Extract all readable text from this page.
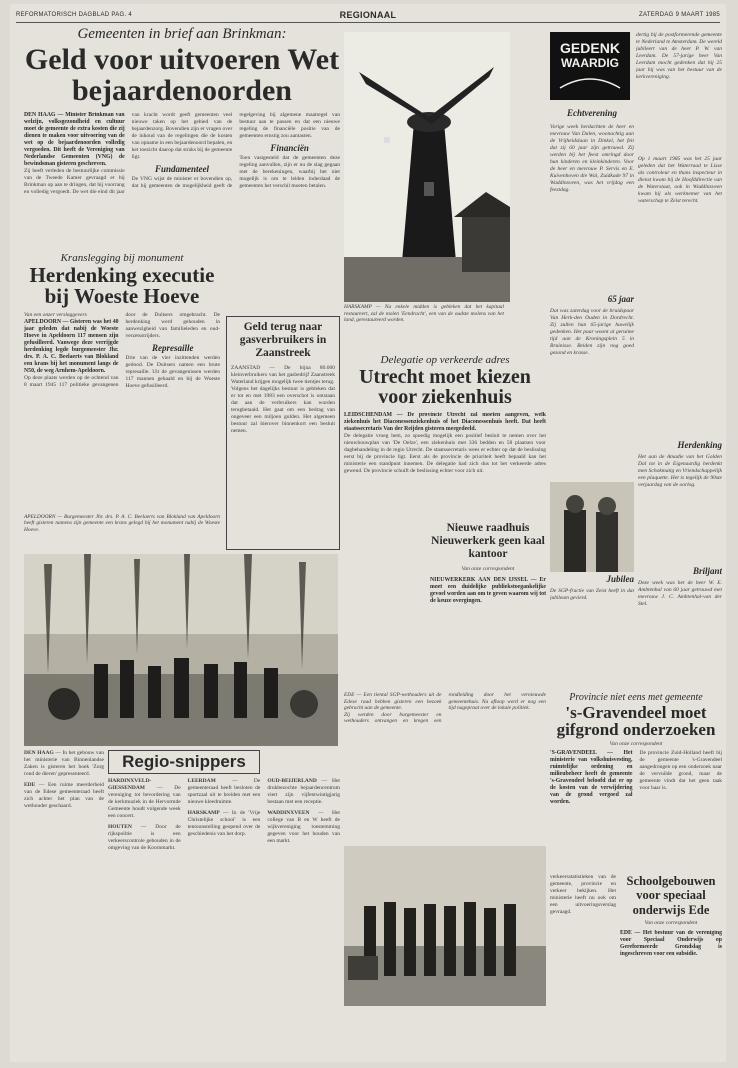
REFORMATORISCH DAGBLAD PAG. 4	REGIONAAL	ZATERDAG 9 MAART 1985
Gemeenten in brief aan Brinkman:
Geld voor uitvoeren Wet bejaardenoorden
DEN HAAG — Minister Brinkman van welzijn, volksgezondheid en cultuur moet de gemeente de extra kosten die zij dienen te maken voor uitvoering van de wet op de bejaardenoorden volledig vergoeden. Dit heeft de Vereniging van Nederlandse Gemeenten (VNG) de bewindsman gisteren geschreven.
Zij heeft verleden de bestuurlijke commissie van de Tweede Kamer gevraagd er bij Brinkman op aan te dringen, dat hij voorrang en volledig vergoedt. De wet die eind dit jaar van kracht wordt geeft gemeenten veel nieuwe taken op het gebied van de bejaardenzorg. Bovendien zijn er vragen over de inhoud van de regelingen die de kosten van opname in een bejaardenoord bepalen, en het toezicht daarop dat straks bij de gemeente ligt.
Fundamenteel
De VNG wijst de minister er bovendien op, dat hij gemeenten de mogelijkheid geeft de regelgeving bij algemene maatregel van bestuur aan te passen en dat een nieuwe regeling de financiële positie van de gemeenten ernstig zou aantasten.
Financiën
Toen vastgesteld dat de gemeenten deze regeling aanvullen, zijn er nu de slag gegaan met de berekeningen, waarbij het niet mogelijk is om te leiden inderdaad de gemeenten het verschil moeten betalen.
HARSKAMP — Na enkele midden is gebleken dat het kapitaal restaureert, zal de molen 'Eendracht', een van de oudste molens van het land, gerestaureerd worden.
Kranslegging bij monument
Herdenking executie bij Woeste Hoeve
Van een onzer verslaggevers
APELDOORN — Gisteren was het 40 jaar geleden dat nabij de Woeste Hoeve in Apeldoorn 117 mensen zijn gefusilleerd. Vanwege deze verrijgde herdenking legde burgemeester Jhr. drs. P. A. C. Beelaerts van Blokland een krans bij het monument langs de N50, de weg Arnhem-Apeldoorn.
Op deze plaats werden op de ochtend van 8 maart 1945 117 politieke gevangenen door de Duitsers omgebracht. De herdenking werd gehouden in aanwezigheid van familieleden en oud-verzetsstrijders.
Represaille
Drie van de vier inzittenden werden gedood. De Duitsers namen een brute represaille. Uit de gevangenissen werden 117 mannen gehaald en bij de Woeste Hoeve gefusilleerd.
APELDOORN — Burgemeester Jhr. drs. P. A. C. Beelaerts van Blokland van Apeldoorn heeft gisteren namens zijn gemeente een krans gelegd bij het monument nabij de Woeste Hoeve.
Geld terug naar gasverbruikers in Zaanstreek
ZAANSTAD — De bijna 80.000 kleinverbruikers van het gasbedrijf Zaanstreek Waterland krijgen mogelijk twee tientjes terug.
Volgens het dagelijks bestuur is gebleken dat er tot en met 1983 een overschot is ontstaan dat aan de verbruikers kan worden terugbetaald. Het gaat om een bedrag van ongeveer een miljoen gulden. Het algemeen bestuur zal hierover binnenkort een besluit nemen.
Delegatie op verkeerde adres
Utrecht moet kiezen voor ziekenhuis
LEIDSCHENDAM — De provincie Utrecht zal moeten aangeven, welk ziekenhuis het Diaconessenziekenhuis of het Diaconessenhuis heeft. Dat heeft staatssecretaris Van der Reijden gisteren meegedeeld.
De delegatie vroeg hem, zo spoedig mogelijk een positief besluit te nemen over het nieuwbouwplan van 'De Oelze', een ziekenhuis met 336 bedden en 58 plaatsen voor dagbehandeling in de regio Utrecht. De staatssecretaris wees er echter op dat de beslissing eerst bij de provincie ligt. Eerst als de provincie de prioriteit heeft bepaald kan het ministerie een standpunt innemen. De delegatie had zich dus tot het verkeerde adres gewend. De provincie schuift de beslissing echter voor zich uit.
Nieuwe raadhuis Nieuwerkerk geen kaal kantoor
Van onze correspondent
NIEUWERKERK AAN DEN IJSSEL — Er moet een duidelijke publiekstoegankelijke gevoel worden aan om te geven waarom wij tot de keuze overgingen.
GEDENK
WAARDIG
dertig bij de postformerende gemeente te Nederland te Amsterdam. De wereld jubileert van de heer P. W. van Leerdam. De 57-jarige heer Van Leerdam mocht gedenken dat hij 25 jaar bij was van het bestuur van de kerkvereniging.
Echtverening
Vorige week herdachten de heer en mevrouw Van Dalen, woonachtig aan de Vrijheidslaan in Dinkel, het feit dat zij 60 jaar zijn getrouwd. Zij werden bij het feest omringd door hun kinderen en kleinkinderen. Voor de heer en mevrouw P. Servis en E. Kuivenhoven die Wal, Zuidkade 97 in Waddinxveen, was het vrijdag een feestdag.
65 jaar
Dat was zaterdag voor de bruidspaar Van Herk-den Ouden in Dordrecht. Zij zullen hun 65-jarige huwelijk gedenken. Het paar woont al geruime tijd aan de Kroningsplein 5 in Bruinisse. Beiden zijn nog goed gezond en krasse.
Op 1 maart 1985 was het 25 jaar geleden dat het Waterraad te Lisse als controleur en thans inspecteur in dienst kwam bij de Hoofddirectie van de Waterstaat, ook in Waddinxveen kwam hij als werknemer van het waterschap te Zeist terecht.
Herdenking
Het aan de Amadie van het Golden Dal tot in de Eigenaardig herdenkt men Schokmatig en Vriendschappelijk een plaquette. Het is tegelijk de 90ste verjaardag van de oorlog.
Briljant
Deze week was het de heer W. E. Ambtenhal van 60 jaar getrouwd met mevrouw J. C. Ambtenhal-van der Stel.
Jubilea
De SGP-fractie van Zeist heeft in dat jubileum gevierd.
DEN HAAG — In het gebouw van het ministerie van Binnenlandse Zaken is gisteren het boek 'Zorg rond de dieren' gepresenteerd.
EDE — Een ruime meerderheid van de Edese gemeenteraad heeft zich achter het plan van de wethouder geschaard.
Regio-snippers
HARDINXVELD-GIESSENDAM — De vereniging tot bevordering van de kerkmuziek in de Hervormde Gemeente houdt volgende week een concert.
HOUTEN — Door de rijkspolitie is een verkeerscontrole gehouden in de omgeving van de Koornmarkt.
LEERDAM — De gemeenteraad heeft besloten de sportzaal uit te breiden met een nieuwe kleedruimte.
HARSKAMP — In de 'Vrije Christelijke school' is een tentoonstelling geopend over de geschiedenis van het dorp.
OUD-BEIJERLAND — Het drukbezochte bejaardencentrum viert zijn vijfentwintigjarig bestaan met een receptie.
WADDINXVEEN — Het college van B en W heeft de wijkvereniging toestemming gegeven voor het houden van een markt.
EDE — Een tiental SGP-wethouders uit de Edese raad hebben gisteren een bezoek gebracht aan de gemeente.
Zij werden door burgemeester en wethouders ontvangen en kregen een rondleiding door het vernieuwde gemeentehuis. Na afloop werd er nog een tijd nagepraat over de lokale politiek.
Provincie niet eens met gemeente
's-Gravendeel moet gifgrond onderzoeken
Van onze correspondent
'S-GRAVENDEEL — Het ministerie van volkshuisvesting, ruimtelijke ordening en milieubeheer heeft de gemeente 's-Gravendeel beloofd dat er op de kosten van de verwijdering van de grond vergoed zal worden.
De provincie Zuid-Holland heeft bij de gemeente 's-Gravendeel aangedrongen op een onderzoek naar de vervuilde grond, maar de gemeente vindt dat het geen taak voor haar is.
Schoolgebouwen voor speciaal onderwijs Ede
Van onze correspondent
EDE — Het bestuur van de vereniging voor Speciaal Onderwijs op Gereformeerde Grondslag is ingeschreven voor een subsidie.
verkeersstatistieken van de gemeente, provincie en verkeer bekijken. Het ministerie heeft nu ook om een uitvoeringsverslag gevraagd.
